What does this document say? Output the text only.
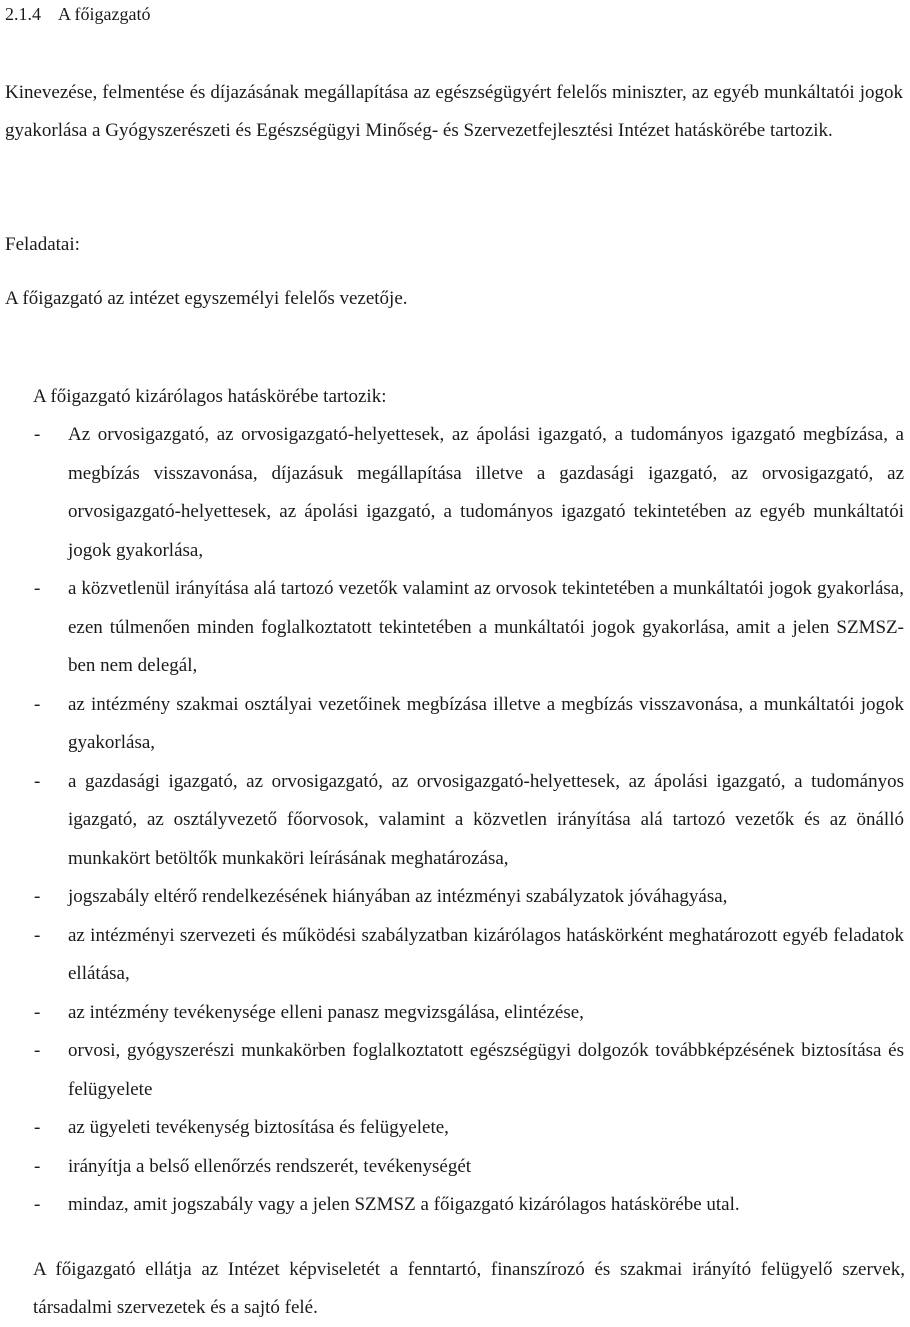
2.1.4    A főigazgató
Kinevezése, felmentése és díjazásának megállapítása az egészségügyért felelős miniszter, az egyéb munkáltatói jogok gyakorlása a Gyógyszerészeti és Egészségügyi Minőség- és Szervezetfejlesztési Intézet hatáskörébe tartozik.
Feladatai:
A főigazgató az intézet egyszemélyi felelős vezetője.
A főigazgató kizárólagos hatáskörébe tartozik:
- Az orvosigazgató, az orvosigazgató-helyettesek, az ápolási igazgató, a tudományos igazgató megbízása, a megbízás visszavonása, díjazásuk megállapítása illetve a gazdasági igazgató, az orvosigazgató, az orvosigazgató-helyettesek, az ápolási igazgató, a tudományos igazgató tekintetében az egyéb munkáltatói jogok gyakorlása,
- a közvetlenül irányítása alá tartozó vezetők valamint az orvosok tekintetében a munkáltatói jogok gyakorlása, ezen túlmenően minden foglalkoztatott tekintetében a munkáltatói jogok gyakorlása, amit a jelen SZMSZ-ben nem delegál,
- az intézmény szakmai osztályai vezetőinek megbízása illetve a megbízás visszavonása, a munkáltatói jogok gyakorlása,
- a gazdasági igazgató, az orvosigazgató, az orvosigazgató-helyettesek, az ápolási igazgató, a tudományos igazgató, az osztályvezető főorvosok, valamint a közvetlen irányítása alá tartozó vezetők és az önálló munkakört betöltők munkaköri leírásának meghatározása,
- jogszabály eltérő rendelkezésének hiányában az intézményi szabályzatok jóváhagyása,
- az intézményi szervezeti és működési szabályzatban kizárólagos hatáskörként meghatározott egyéb feladatok ellátása,
- az intézmény tevékenysége elleni panasz megvizsgálása, elintézése,
- orvosi, gyógyszerészi munkakörben foglalkoztatott egészségügyi dolgozók továbbképzésének biztosítása és felügyelete
- az ügyeleti tevékenység biztosítása és felügyelete,
- irányítja a belső ellenőrzés rendszerét, tevékenységét
- mindaz, amit jogszabály vagy a jelen SZMSZ a főigazgató kizárólagos hatáskörébe utal.
A főigazgató ellátja az Intézet képviseletét a fenntartó, finanszírozó és szakmai irányító felügyelő szervek, társadalmi szervezetek és a sajtó felé.
